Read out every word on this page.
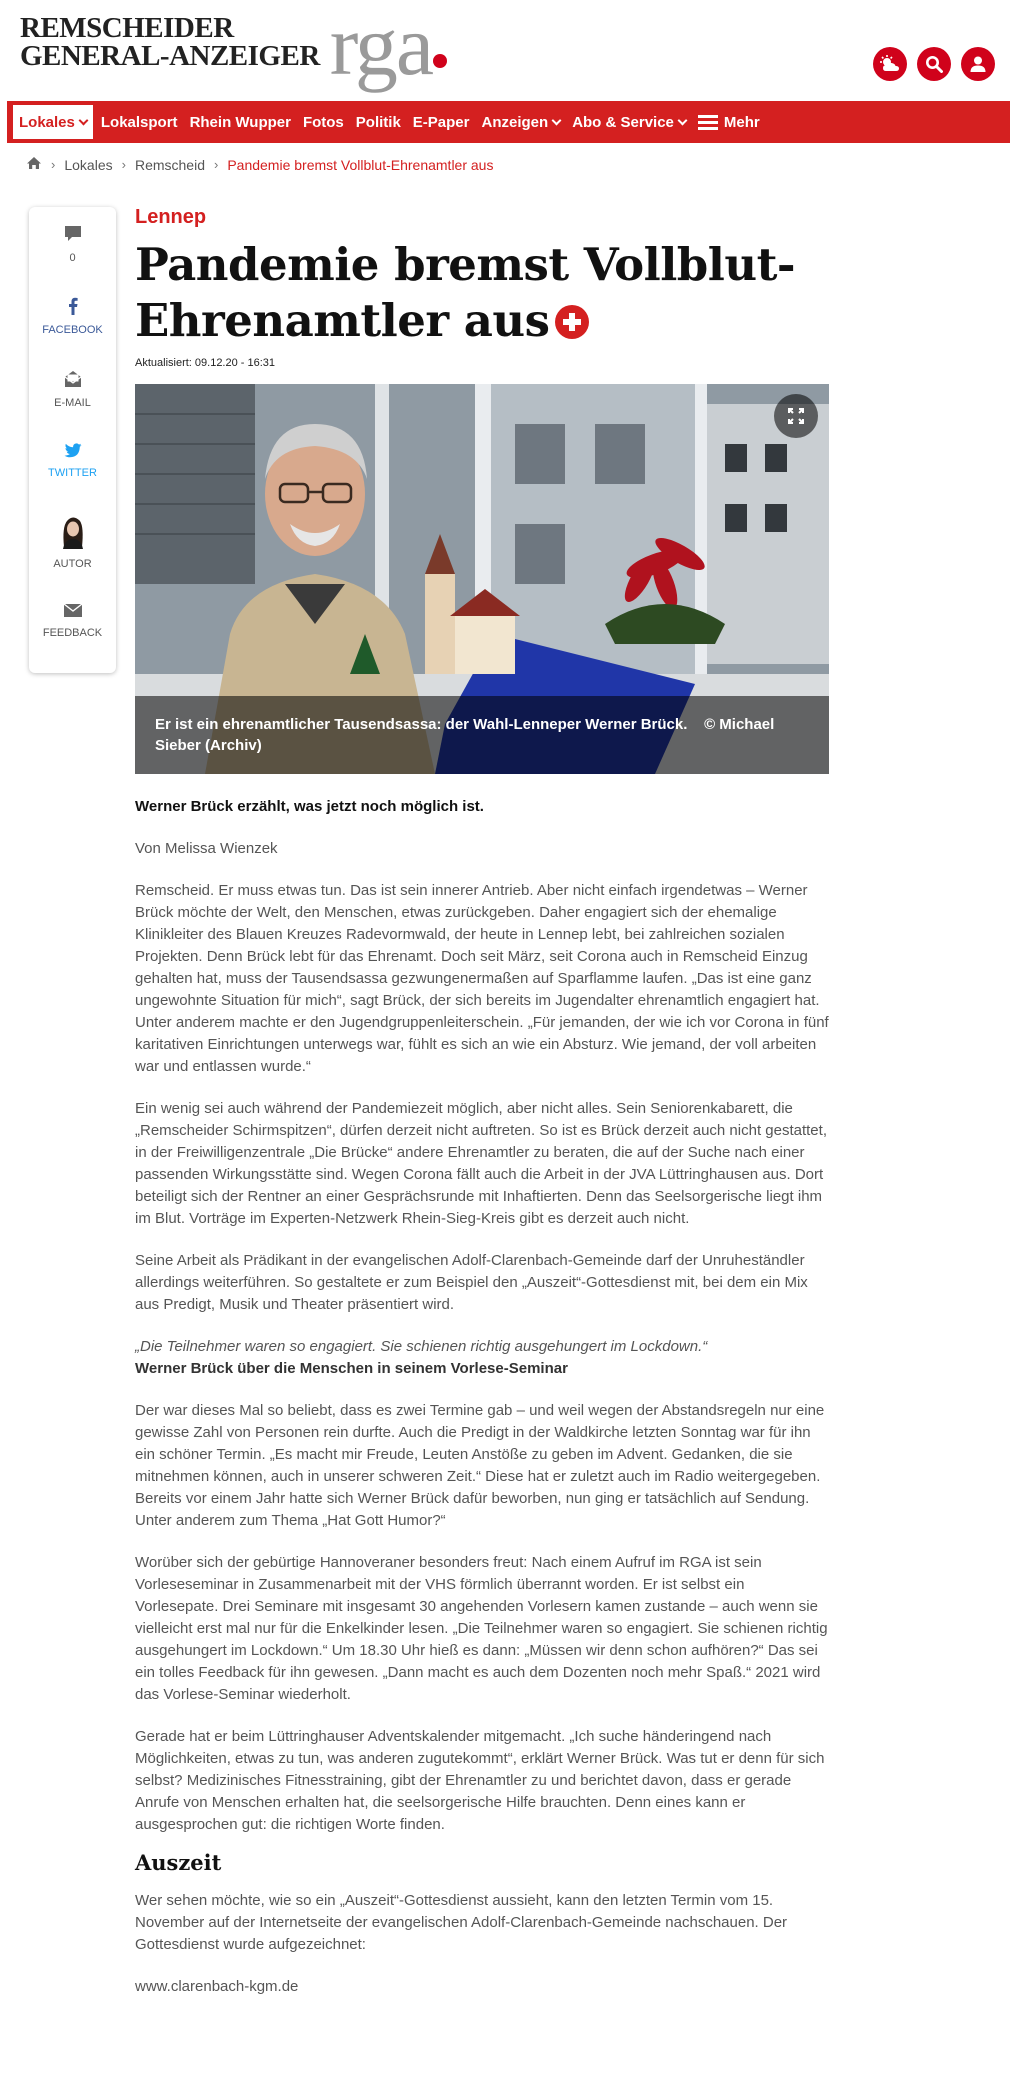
REMSCHEIDER
GENERAL-ANZEIGER rga
Lokales	Lokalsport Rhein Wupper Fotos Politik E-Paper Anzeigen Abo & Service	Mehr
› Lokales › Remscheid › Pandemie bremst Vollblut-Ehrenamtler aus
0
FACEBOOK
E-MAIL
TWITTER
AUTOR
FEEDBACK
Lennep
Pandemie bremst Vollblut-Ehrenamtler aus
Aktualisiert: 09.12.20 - 16:31
Er ist ein ehrenamtlicher Tausendsassa: der Wahl-Lenneper Werner Brück. © Michael Sieber (Archiv)

Werner Brück erzählt, was jetzt noch möglich ist.

Von Melissa Wienzek

Remscheid. Er muss etwas tun. Das ist sein innerer Antrieb. Aber nicht einfach irgendetwas – Werner Brück möchte der Welt, den Menschen, etwas zurückgeben. Daher engagiert sich der ehemalige Klinikleiter des Blauen Kreuzes Radevormwald, der heute in Lennep lebt, bei zahlreichen sozialen Projekten. Denn Brück lebt für das Ehrenamt. Doch seit März, seit Corona auch in Remscheid Einzug gehalten hat, muss der Tausendsassa gezwungenermaßen auf Sparflamme laufen. „Das ist eine ganz ungewohnte Situation für mich“, sagt Brück, der sich bereits im Jugendalter ehrenamtlich engagiert hat. Unter anderem machte er den Jugendgruppenleiterschein. „Für jemanden, der wie ich vor Corona in fünf karitativen Einrichtungen unterwegs war, fühlt es sich an wie ein Absturz. Wie jemand, der voll arbeiten war und entlassen wurde.“

Ein wenig sei auch während der Pandemiezeit möglich, aber nicht alles. Sein Seniorenkabarett, die „Remscheider Schirmspitzen“, dürfen derzeit nicht auftreten. So ist es Brück derzeit auch nicht gestattet, in der Freiwilligenzentrale „Die Brücke“ andere Ehrenamtler zu beraten, die auf der Suche nach einer passenden Wirkungsstätte sind. Wegen Corona fällt auch die Arbeit in der JVA Lüttringhausen aus. Dort beteiligt sich der Rentner an einer Gesprächsrunde mit Inhaftierten. Denn das Seelsorgerische liegt ihm im Blut. Vorträge im Experten-Netzwerk Rhein-Sieg-Kreis gibt es derzeit auch nicht.

Seine Arbeit als Prädikant in der evangelischen Adolf-Clarenbach-Gemeinde darf der Unruheständler allerdings weiterführen. So gestaltete er zum Beispiel den „Auszeit“-Gottesdienst mit, bei dem ein Mix aus Predigt, Musik und Theater präsentiert wird.

„Die Teilnehmer waren so engagiert. Sie schienen richtig ausgehungert im Lockdown.“
Werner Brück über die Menschen in seinem Vorlese-Seminar

Der war dieses Mal so beliebt, dass es zwei Termine gab – und weil wegen der Abstandsregeln nur eine gewisse Zahl von Personen rein durfte. Auch die Predigt in der Waldkirche letzten Sonntag war für ihn ein schöner Termin. „Es macht mir Freude, Leuten Anstöße zu geben im Advent. Gedanken, die sie mitnehmen können, auch in unserer schweren Zeit.“ Diese hat er zuletzt auch im Radio weitergegeben. Bereits vor einem Jahr hatte sich Werner Brück dafür beworben, nun ging er tatsächlich auf Sendung. Unter anderem zum Thema „Hat Gott Humor?“

Worüber sich der gebürtige Hannoveraner besonders freut: Nach einem Aufruf im RGA ist sein Vorleseseminar in Zusammenarbeit mit der VHS förmlich überrannt worden. Er ist selbst ein Vorlesepate. Drei Seminare mit insgesamt 30 angehenden Vorlesern kamen zustande – auch wenn sie vielleicht erst mal nur für die Enkelkinder lesen. „Die Teilnehmer waren so engagiert. Sie schienen richtig ausgehungert im Lockdown.“ Um 18.30 Uhr hieß es dann: „Müssen wir denn schon aufhören?“ Das sei ein tolles Feedback für ihn gewesen. „Dann macht es auch dem Dozenten noch mehr Spaß.“ 2021 wird das Vorlese-Seminar wiederholt.

Gerade hat er beim Lüttringhauser Adventskalender mitgemacht. „Ich suche händeringend nach Möglichkeiten, etwas zu tun, was anderen zugutekommt“, erklärt Werner Brück. Was tut er denn für sich selbst? Medizinisches Fitnesstraining, gibt der Ehrenamtler zu und berichtet davon, dass er gerade Anrufe von Menschen erhalten hat, die seelsorgerische Hilfe brauchten. Denn eines kann er ausgesprochen gut: die richtigen Worte finden.

Auszeit

Wer sehen möchte, wie so ein „Auszeit“-Gottesdienst aussieht, kann den letzten Termin vom 15. November auf der Internetseite der evangelischen Adolf-Clarenbach-Gemeinde nachschauen. Der Gottesdienst wurde aufgezeichnet:

www.clarenbach-kgm.de
